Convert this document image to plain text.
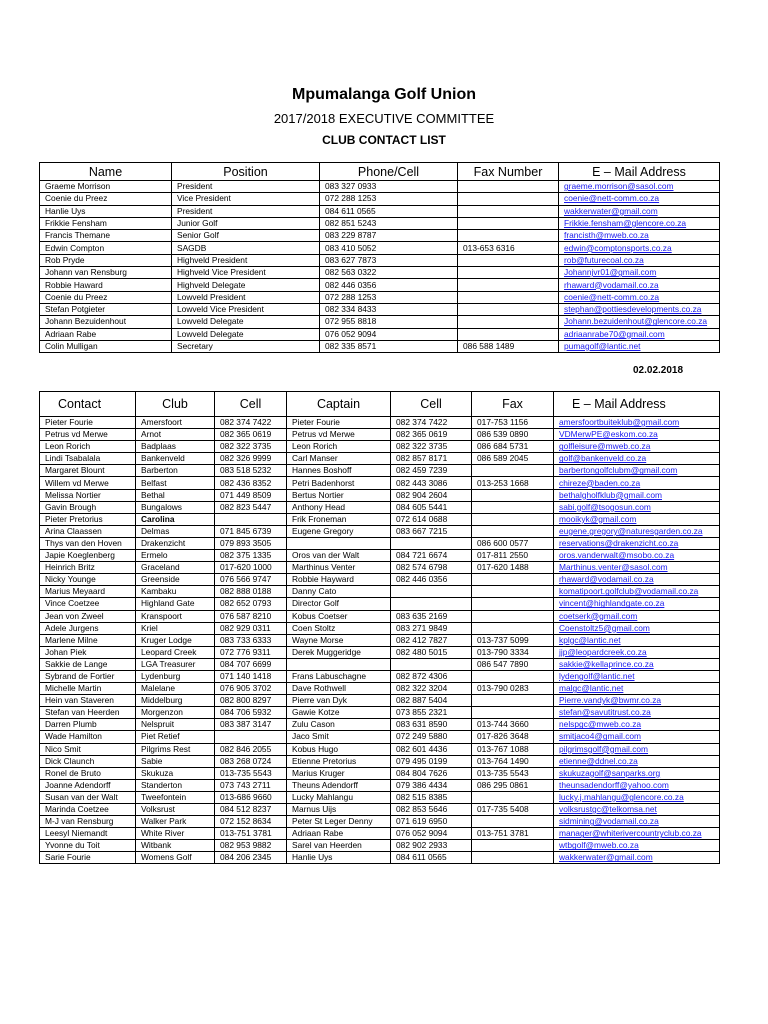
Mpumalanga Golf Union
2017/2018 EXECUTIVE COMMITTEE
CLUB CONTACT LIST
Name	Position	Phone/Cell	Fax Number	E – Mail Address
Graeme Morrison	President	083 327 0933		graeme.morrison@sasol.com
Coenie du Preez	Vice President	072 288 1253		coenie@nett-comm.co.za
Hanlie Uys	President	084 611 0565		wakkerwater@gmail.com
Frikkie Fensham	Junior Golf	082 851 5243		Frikkie.fensham@glencore.co.za
Francis Themane	Senior Golf	083 229 8787		francisth@mweb.co.za
Edwin Compton	SAGDB	083 410 5052	013-653 6316	edwin@comptonsports.co.za
Rob Pryde	Highveld President	083 627 7873		rob@futurecoal.co.za
Johann van Rensburg	Highveld Vice President	082 563 0322		Johannjvr01@gmail.com
Robbie Haward	Highveld Delegate	082 446 0356		rhaward@vodamail.co.za
Coenie du Preez	Lowveld President	072 288 1253		coenie@nett-comm.co.za
Stefan Potgieter	Lowveld Vice President	082 334 8433		stephan@pottiesdevelopments.co.za
Johann Bezuidenhout	Lowveld Delegate	072 955 8818		Johann.bezuidenhout@glencore.co.za
Adriaan Rabe	Lowveld Delegate	076 052 9094		adriaanrabe70@gmail.com
Colin Mulligan	Secretary	082 335 8571	086 588 1489	pumagolf@lantic.net
02.02.2018
Contact	Club	Cell	Captain	Cell	Fax	E – Mail Address
Pieter Fourie	Amersfoort	082 374 7422	Pieter Fourie	082 374 7422	017-753 1156	amersfoortbuiteklub@gmail.com
Petrus vd Merwe	Arnot	082 365 0619	Petrus vd Merwe	082 365 0619	086 539 0890	VDMerwPE@eskom.co.za
Leon Rorich	Badplaas	082 322 3735	Leon Rorich	082 322 3735	086 684 5731	golfleisure@mweb.co.za
Lindi Tsabalala	Bankenveld	082 326 9999	Carl Manser	082 857 8171	086 589 2045	golf@bankenveld.co.za
Margaret Blount	Barberton	083 518 5232	Hannes Boshoff	082 459 7239		barbertongolfclubm@gmail.com
Willem vd Merwe	Belfast	082 436 8352	Petri Badenhorst	082 443 3086	013-253 1668	chireze@baden.co.za
Melissa Nortier	Bethal	071 449 8509	Bertus Nortier	082 904 2604		bethalgholfklub@gmail.com
Gavin Brough	Bungalows	082 823 5447	Anthony Head	084 605 5441		sabi.golf@tsogosun.com
Pieter Pretorius	Carolina		Frik Froneman	072 614 0688		mooikyk@gmail.com
Arina Claassen	Delmas	071 845 6739	Eugene Gregory	083 667 7215		eugene.gregory@naturesgarden.co.za
Thys van den Hoven	Drakenzicht	079 893 3505			086 600 0577	reservations@drakenzicht.co.za
Japie Koeglenberg	Ermelo	082 375 1335	Oros van der Walt	084 721 6674	017-811 2550	oros.vanderwalt@msobo.co.za
Heinrich Britz	Graceland	017-620 1000	Marthinus Venter	082 574 6798	017-620 1488	Marthinus.venter@sasol.com
Nicky Younge	Greenside	076 566 9747	Robbie Hayward	082 446 0356		rhaward@vodamail.co.za
Marius Meyaard	Kambaku	082 888 0188	Danny Cato			komatipoort.golfclub@vodamail.co.za
Vince Coetzee	Highland Gate	082 652 0793	Director Golf			vincent@highlandgate.co.za
Jean von Zweel	Kranspoort	076 587 8210	Kobus Coetser	083 635 2169		coetserk@gmail.com
Adele Jurgens	Kriel	082 929 0311	Coen Stoltz	083 271 9849		Coenstoltz5@gmail.com
Marlene Milne	Kruger Lodge	083 733 6333	Wayne Morse	082 412 7827	013-737 5099	kplgc@lantic.net
Johan Piek	Leopard Creek	072 776 9311	Derek Muggeridge	082 480 5015	013-790 3334	jjp@leopardcreek.co.za
Sakkie de Lange	LGA Treasurer	084 707 6699			086 547 7890	sakkie@kellaprince.co.za
Sybrand de Fortier	Lydenburg	071 140 1418	Frans Labuschagne	082 872 4306		lydengolf@lantic.net
Michelle Martin	Malelane	076 905 3702	Dave Rothwell	082 322 3204	013-790 0283	malgc@lantic.net
Hein van Staveren	Middelburg	082 800 8297	Pierre van Dyk	082 887 5404		Pierre.vandyk@bwmr.co.za
Stefan van Heerden	Morgenzon	084 706 5932	Gawie Kotze	073 855 2321		stefan@savutitrust.co.za
Darren Plumb	Nelspruit	083 387 3147	Zulu Cason	083 631 8590	013-744 3660	nelspgc@mweb.co.za
Wade Hamilton	Piet Retief		Jaco Smit	072 249 5880	017-826 3648	smitjaco4@gmail.com
Nico Smit	Pilgrims Rest	082 846 2055	Kobus Hugo	082 601 4436	013-767 1088	pilgrimsgolf@gmail.com
Dick Claunch	Sabie	083 268 0724	Etienne Pretorius	079 495 0199	013-764 1490	etienne@ddnel.co.za
Ronel de Bruto	Skukuza	013-735 5543	Marius Kruger	084 804 7626	013-735 5543	skukuzagolf@sanparks.org
Joanne Adendorff	Standerton	073 743 2711	Theuns Adendorff	079 386 4434	086 295 0861	theunsadendorff@yahoo.com
Susan van der Walt	Tweefontein	013-686 9660	Lucky Mahlangu	082 515 8385		lucky.j.mahlangu@glencore.co.za
Marinda Coetzee	Volksrust	084 512 8237	Marnus Uijs	082 853 5646	017-735 5408	volksrustgc@telkomsa.net
M-J van Rensburg	Walker Park	072 152 8634	Peter St Leger Denny	071 619 6950		sidmining@vodamail.co.za
Leesyl Niemandt	White River	013-751 3781	Adriaan Rabe	076 052 9094	013-751 3781	manager@whiterivercountryclub.co.za
Yvonne du Toit	Witbank	082 953 9882	Sarel van Heerden	082 902 2933		wtbgolf@mweb.co.za
Sarie Fourie	Womens Golf	084 206 2345	Hanlie Uys	084 611 0565		wakkerwater@gmail.com
